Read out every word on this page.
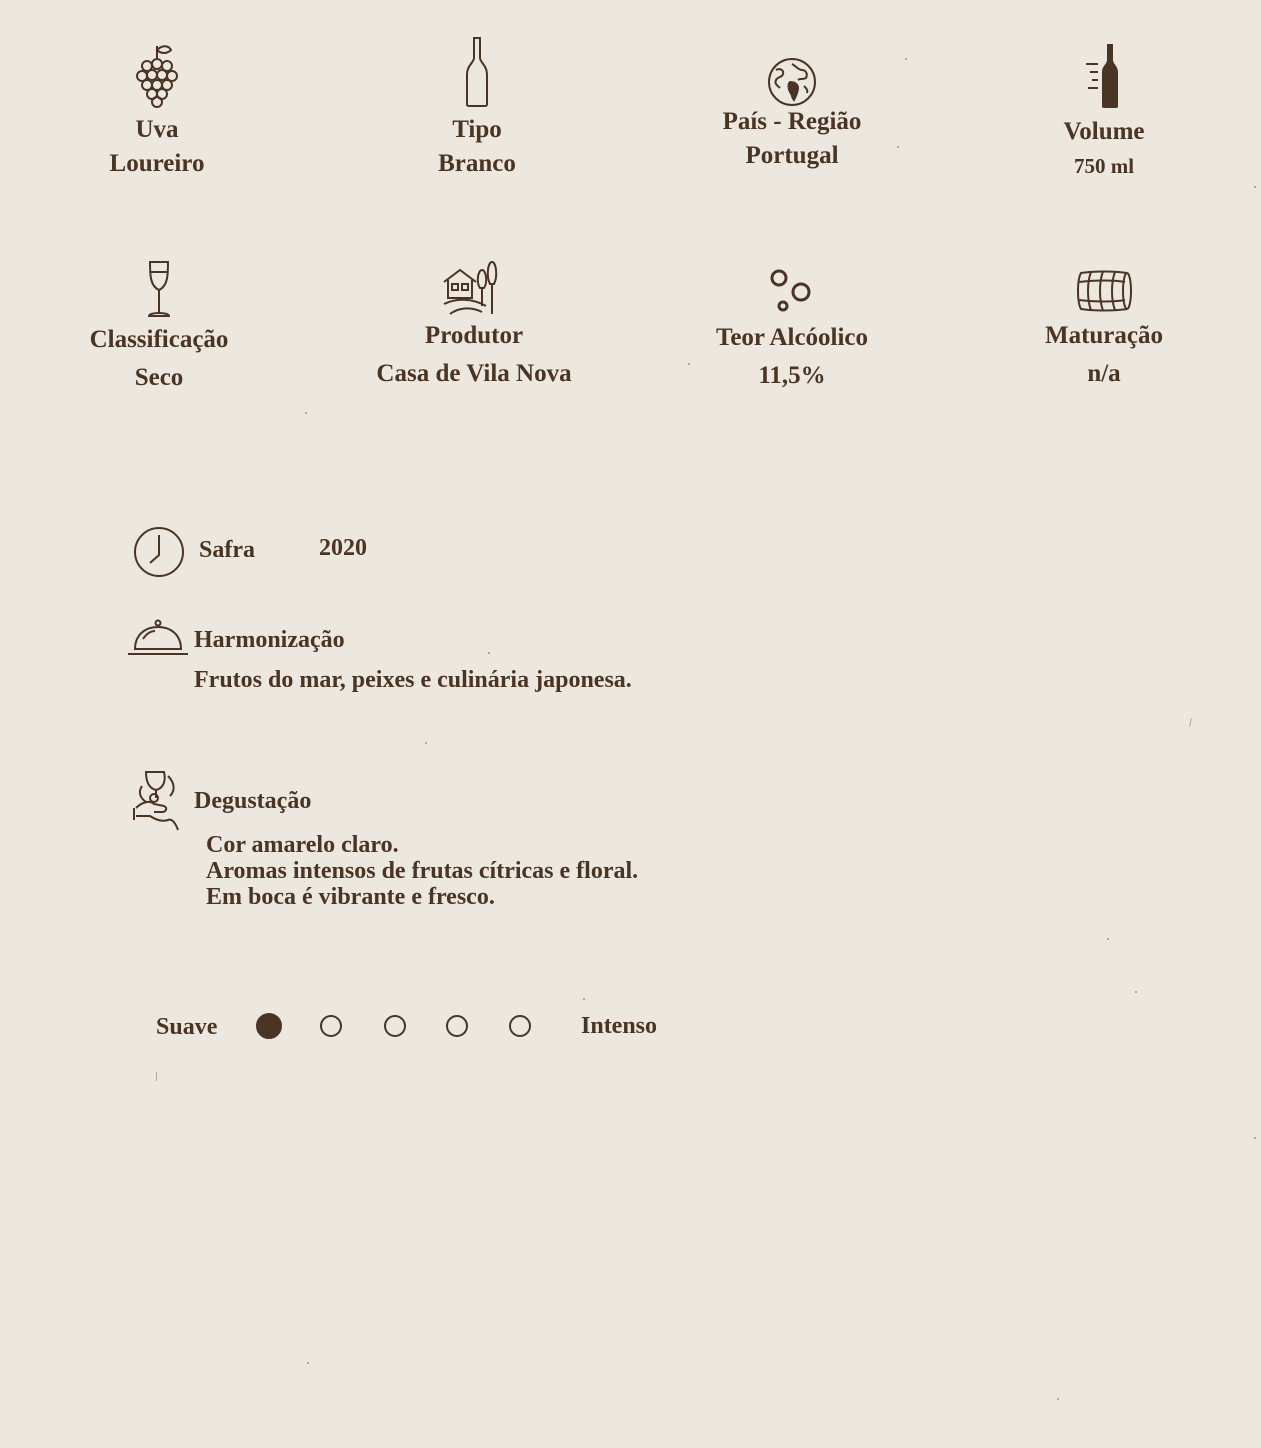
Uva
Loureiro
Tipo
Branco
País - Região
Portugal
Volume
750 ml
Classificação
Seco
Produtor
Casa de Vila Nova
Teor Alcóolico
11,5%
Maturação
n/a
Safra	2020
Harmonização
Frutos do mar, peixes e culinária japonesa.
Degustação
Cor amarelo claro.
Aromas intensos de frutas cítricas e floral.
Em boca é vibrante e fresco.
Suave	Intenso
